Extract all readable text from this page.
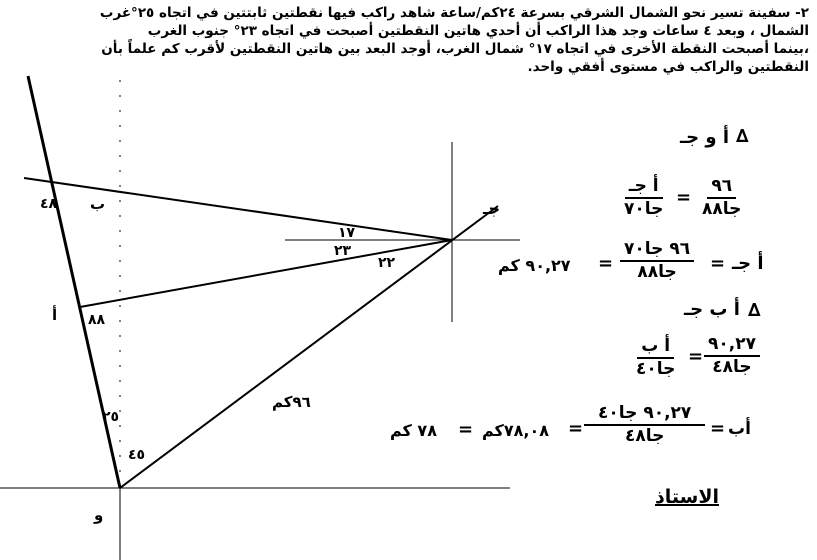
٢- سفينة تسير نحو الشمال الشرقي بسرعة ٢٤كم/ساعة شاهد راكب فيها نقطتين ثابتتين في اتجاه ٢٥°غرب
الشمال ، وبعد ٤ ساعات وجد هذا الراكب أن أحدي هاتين النقطتين أصبحت في اتجاه ٢٣° جنوب الغرب
،بينما أصبحت النقطة الأخرى في اتجاه ١٧° شمال الغرب، أوجد البعد بين هاتين النقطتين لأقرب كم علماً بأن
النقطتين والراكب في مستوى أفقي واحد.
ب
٤٨
أ ٨٨
٢٥
٤٥
و
جـ
١٧
٢٣
٢٢
٩٦كم
∆
أ و جـ
أ جـ
جا٧٠
=
٩٦
جا٨٨
أ جـ
=
٩٦ جا٧٠
جا٨٨
=
٩٠,٢٧ كم
∆
أ ب جـ
أ ب
جا٤٠
=
٩٠,٢٧
جا٤٨
أب
=
٩٠,٢٧ جا٤٠
جا٤٨
=
٧٨,٠٨كم
=
٧٨ كم
الاستاذ
